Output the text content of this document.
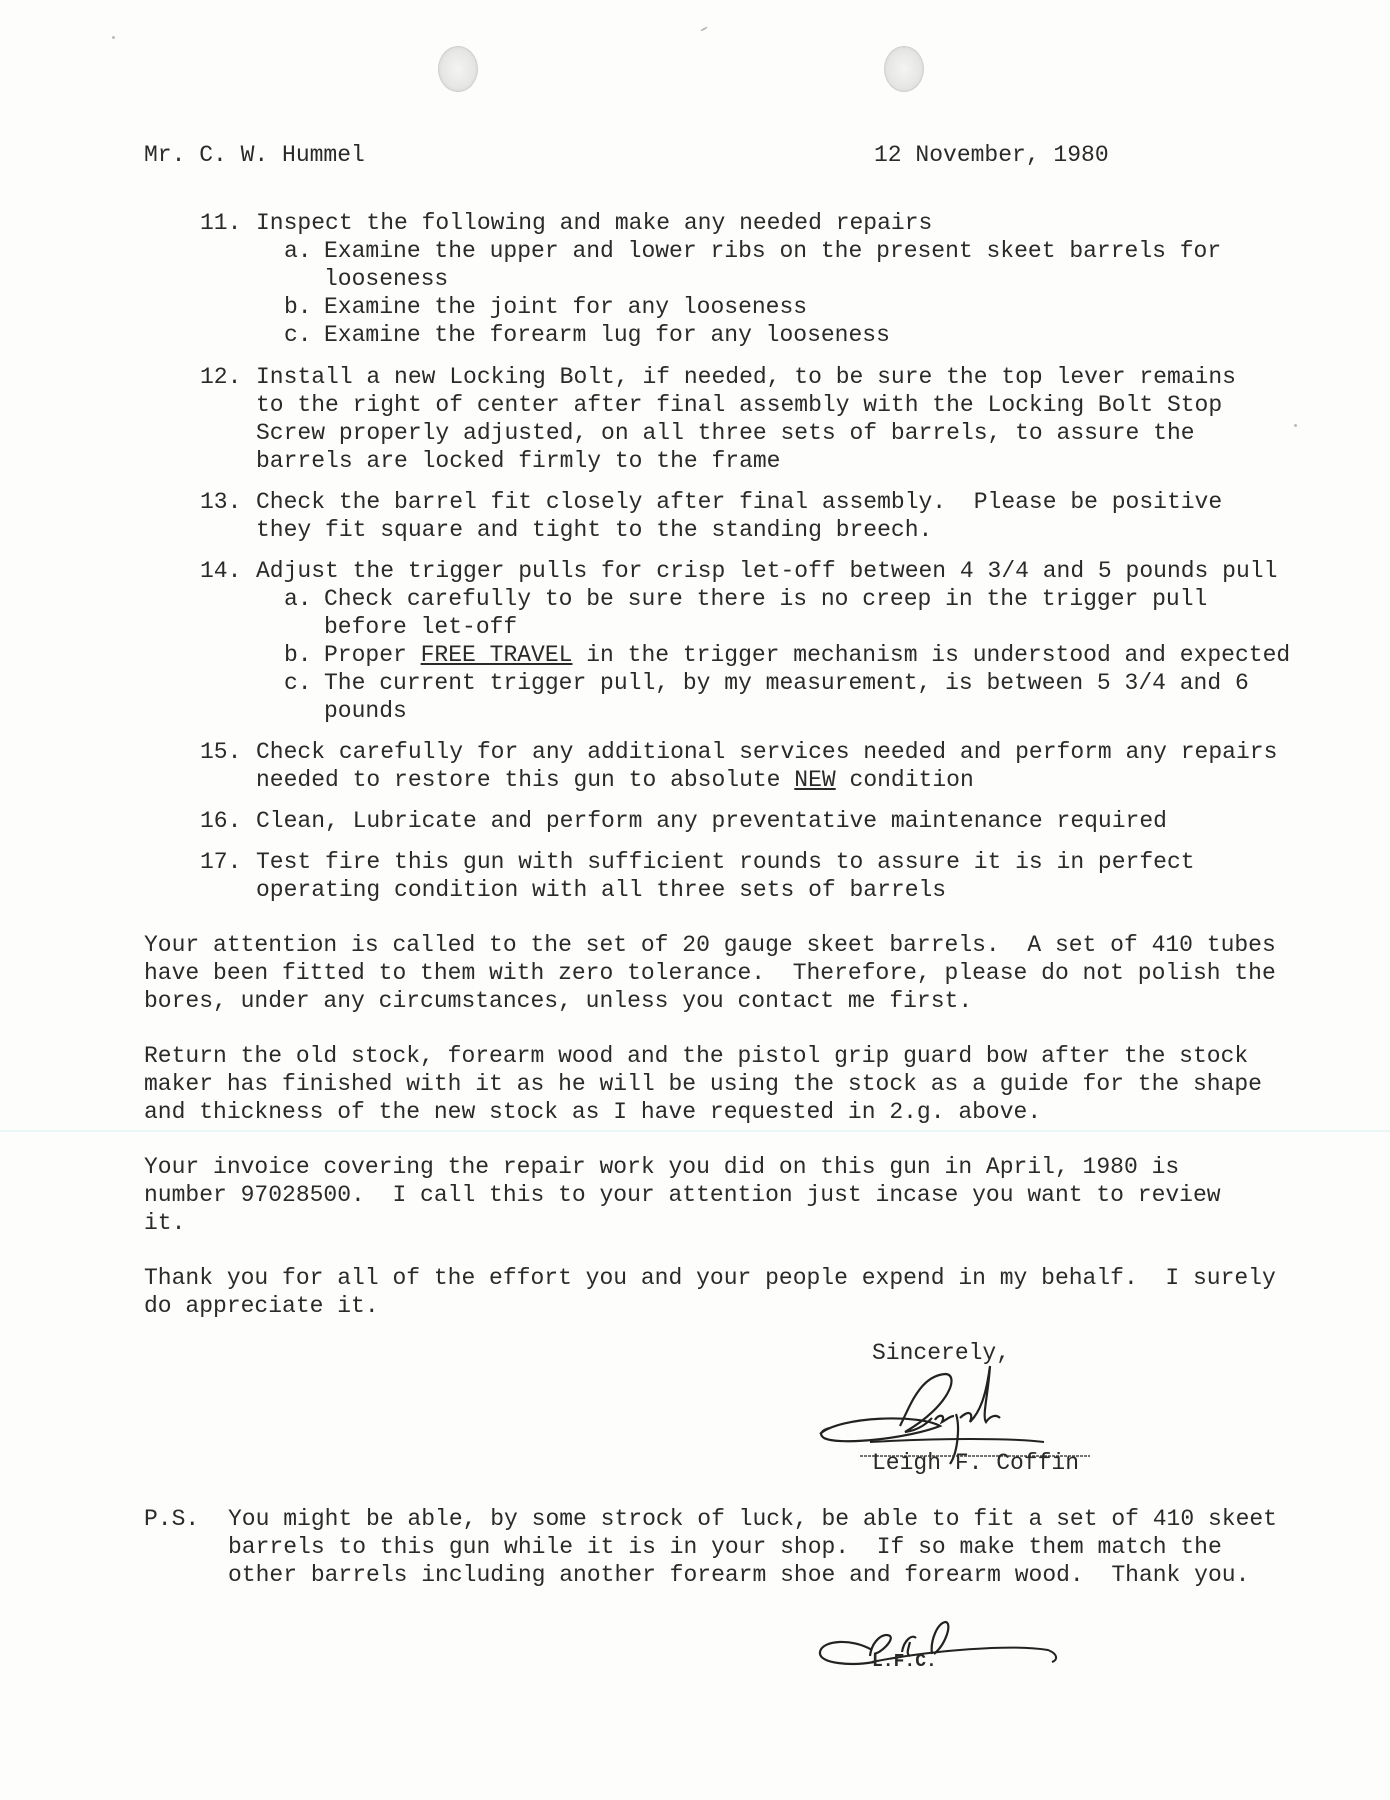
Mr. C. W. Hummel	12 November, 1980
11. Inspect the following and make any needed repairs
a. Examine the upper and lower ribs on the present skeet barrels for
looseness
b. Examine the joint for any looseness
c. Examine the forearm lug for any looseness
12. Install a new Locking Bolt, if needed, to be sure the top lever remains
to the right of center after final assembly with the Locking Bolt Stop
Screw properly adjusted, on all three sets of barrels, to assure the
barrels are locked firmly to the frame
13. Check the barrel fit closely after final assembly.  Please be positive
they fit square and tight to the standing breech.
14. Adjust the trigger pulls for crisp let-off between 4 3/4 and 5 pounds pull
a. Check carefully to be sure there is no creep in the trigger pull
before let-off
b. Proper FREE TRAVEL in the trigger mechanism is understood and expected
c. The current trigger pull, by my measurement, is between 5 3/4 and 6
pounds
15. Check carefully for any additional services needed and perform any repairs
needed to restore this gun to absolute NEW condition
16. Clean, Lubricate and perform any preventative maintenance required
17. Test fire this gun with sufficient rounds to assure it is in perfect
operating condition with all three sets of barrels
Your attention is called to the set of 20 gauge skeet barrels.  A set of 410 tubes
have been fitted to them with zero tolerance.  Therefore, please do not polish the
bores, under any circumstances, unless you contact me first.
Return the old stock, forearm wood and the pistol grip guard bow after the stock
maker has finished with it as he will be using the stock as a guide for the shape
and thickness of the new stock as I have requested in 2.g. above.
Your invoice covering the repair work you did on this gun in April, 1980 is
number 97028500.  I call this to your attention just incase you want to review
it.
Thank you for all of the effort you and your people expend in my behalf.  I surely
do appreciate it.
Sincerely,
Leigh F. Coffin
P.S. You might be able, by some strock of luck, be able to fit a set of 410 skeet
barrels to this gun while it is in your shop.  If so make them match the
other barrels including another forearm shoe and forearm wood.  Thank you.
L.F.C.
